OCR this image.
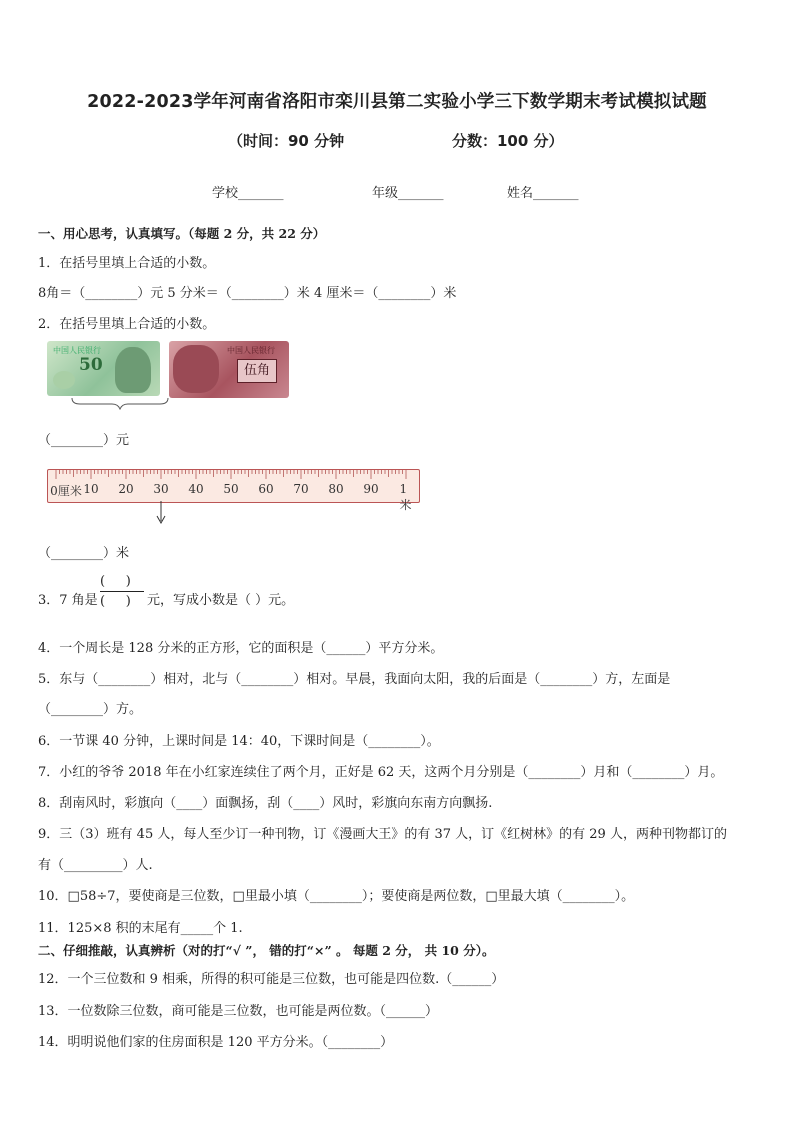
2022-2023学年河南省洛阳市栾川县第二实验小学三下数学期末考试模拟试题
（时间：90 分钟	分数：100 分）
学校_______	年级_______	姓名_______
一、用心思考，认真填写。（每题 2 分，共 22 分）
1．在括号里填上合适的小数。
8角＝（________）元 5 分米＝（________）米 4 厘米＝（________）米
2．在括号里填上合适的小数。
中国人民银行
50
中国人民银行
伍角
（________）元
0厘米 10 20 30 40 50 60 70 80 90 1米
（________）米
3．7 角是
(     )
(     )	元，写成小数是（ ）元。
4．一个周长是 128 分米的正方形，它的面积是（______）平方分米。
5．东与（________）相对，北与（________）相对。早晨，我面向太阳，我的后面是（________）方，左面是
（________）方。
6．一节课 40 分钟，上课时间是 14：40，下课时间是（________）。
7．小红的爷爷 2018 年在小红家连续住了两个月，正好是 62 天，这两个月分别是（________）月和（________）月。
8．刮南风时，彩旗向（____）面飘扬，刮（____）风时，彩旗向东南方向飘扬.
9．三（3）班有 45 人，每人至少订一种刊物，订《漫画大王》的有 37 人，订《红树林》的有 29 人，两种刊物都订的
有（_________）人.
10．□58÷7，要使商是三位数，□里最小填（________）；要使商是两位数，□里最大填（________）。
11．125×8 积的末尾有_____个 1.
二、仔细推敲，认真辨析（对的打“√ ”， 错的打“×” 。 每题 2 分， 共 10 分）。
12．一个三位数和 9 相乘，所得的积可能是三位数，也可能是四位数.（______）
13．一位数除三位数，商可能是三位数，也可能是两位数。（______）
14．明明说他们家的住房面积是 120 平方分米。（________）
